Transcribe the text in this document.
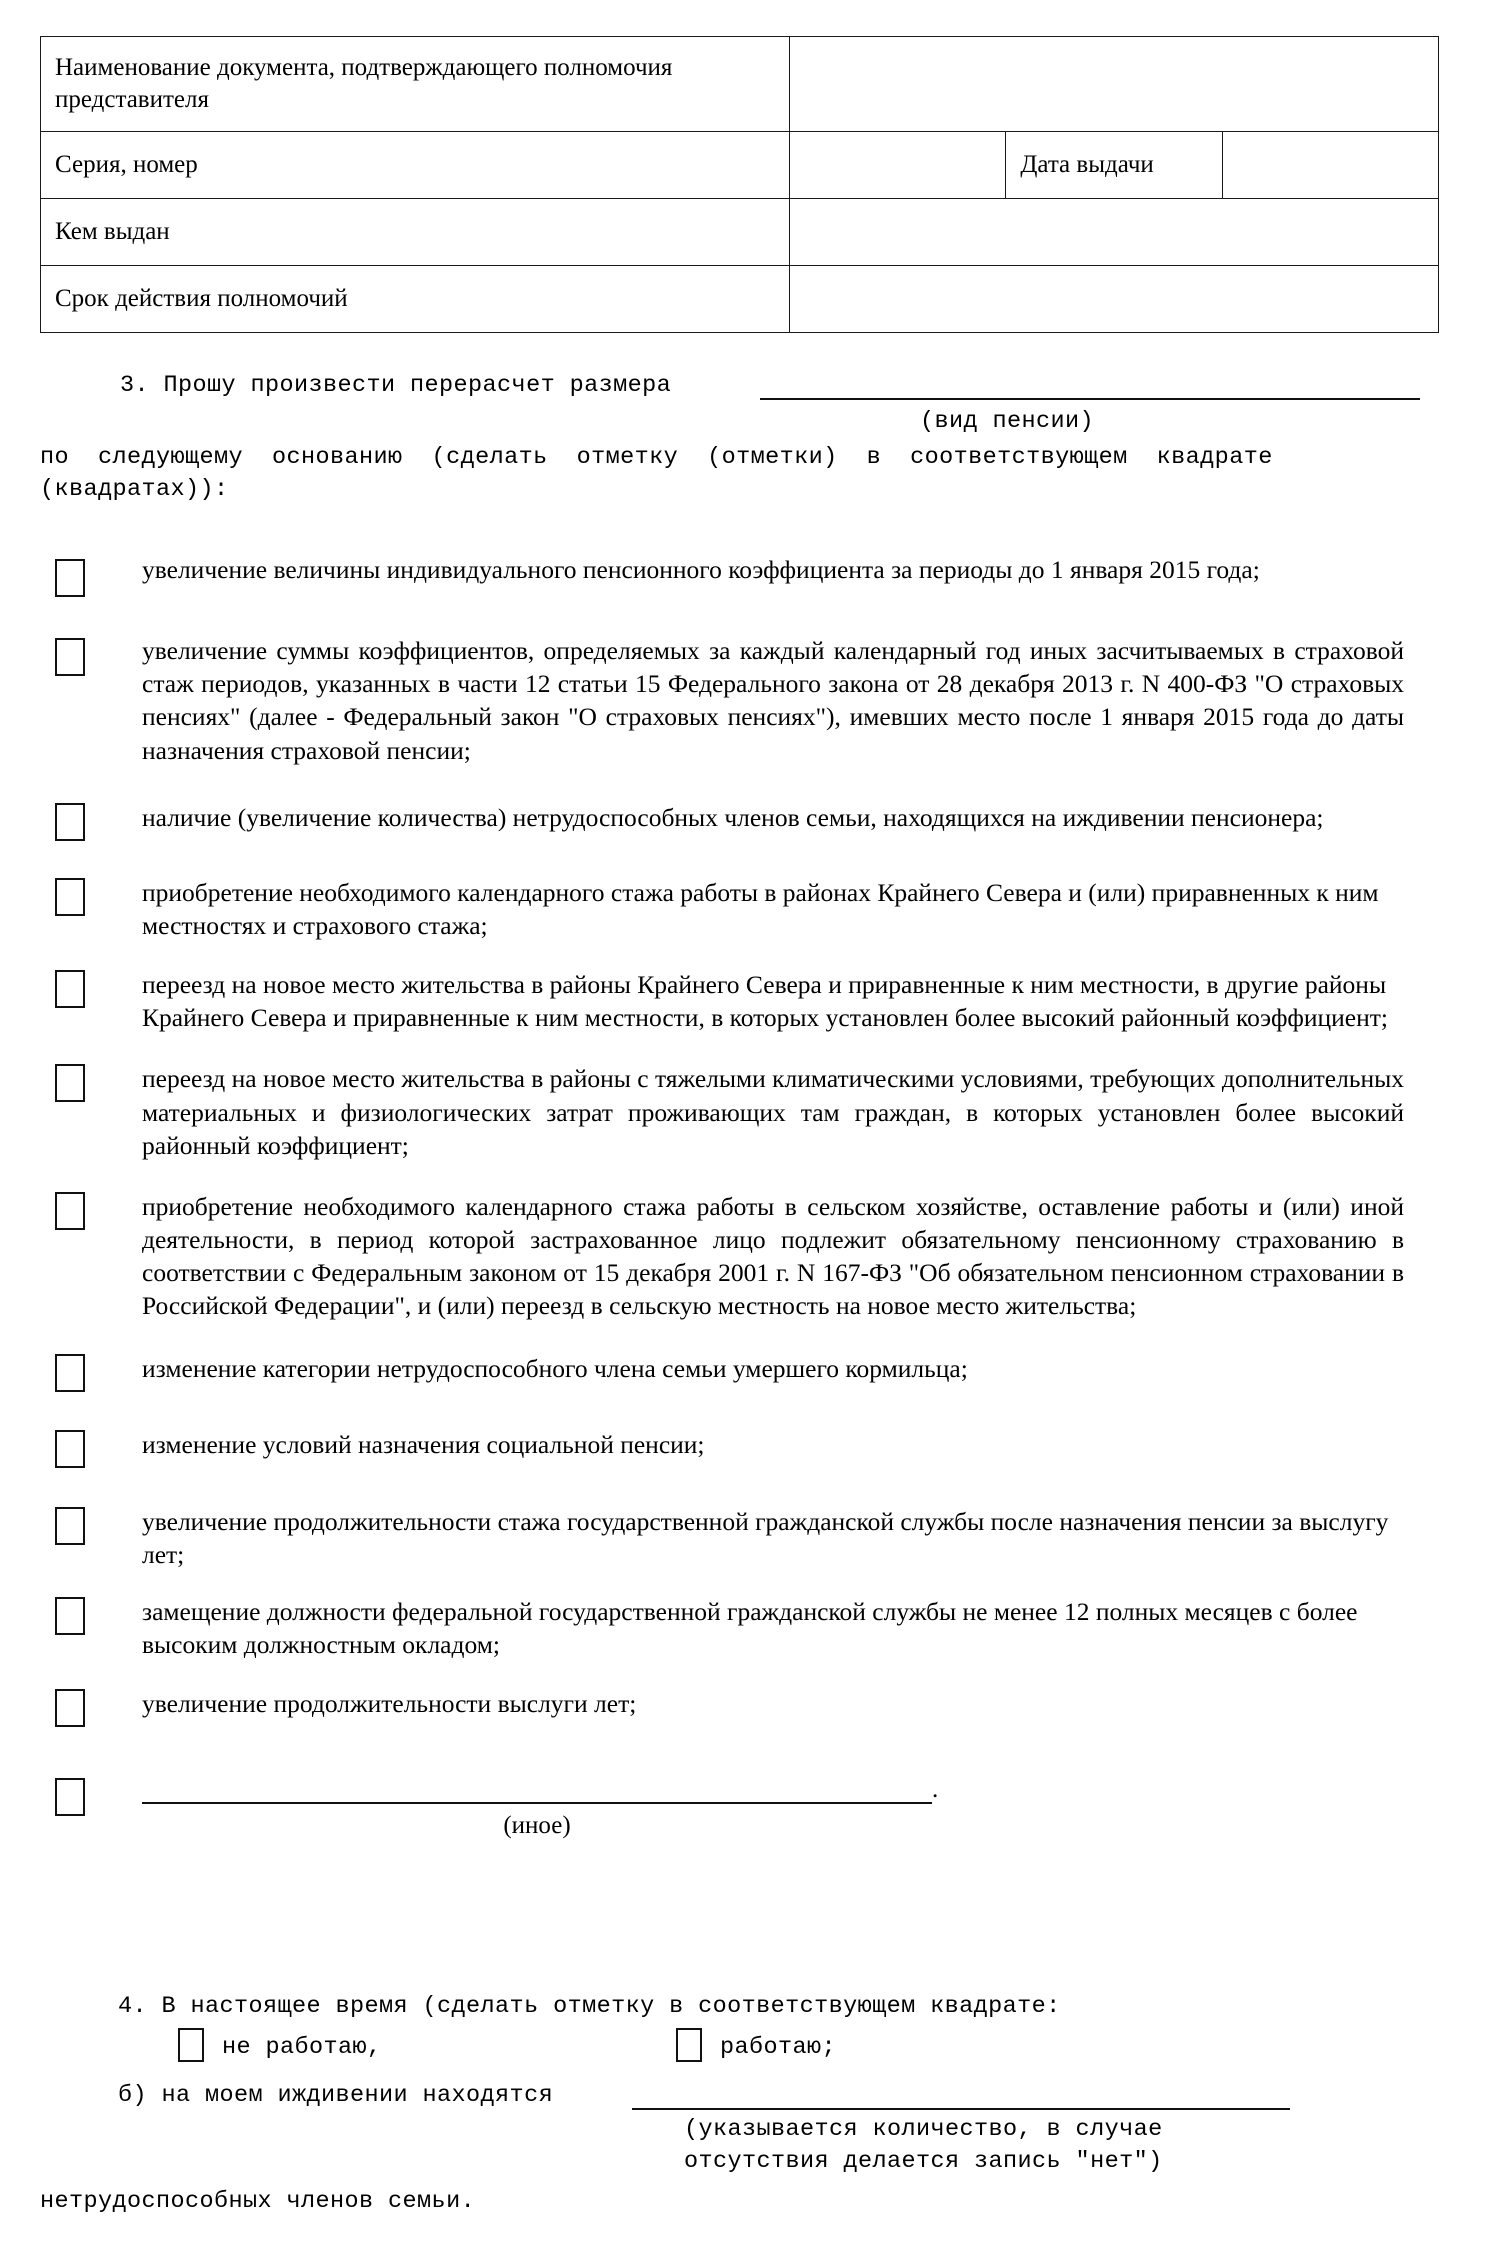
Наименование документа, подтверждающего полномочия представителя			
Серия, номер		Дата выдачи	
Кем выдан			
Срок действия полномочий			
3. Прошу произвести перерасчет размера
(вид пенсии)
по  следующему  основанию  (сделать  отметку  (отметки)  в  соответствующем  квадрате
(квадратах)):
увеличение величины индивидуального пенсионного коэффициента за периоды до 1 января 2015 года;
увеличение суммы коэффициентов, определяемых за каждый календарный год иных засчитываемых в страховой стаж периодов, указанных в части 12 статьи 15 Федерального закона от 28 декабря 2013 г. N 400-ФЗ "О страховых пенсиях" (далее - Федеральный закон "О страховых пенсиях"), имевших место после 1 января 2015 года до даты назначения страховой пенсии;
наличие (увеличение количества) нетрудоспособных членов семьи, находящихся на иждивении пенсионера;
приобретение необходимого календарного стажа работы в районах Крайнего Севера и (или) приравненных к ним местностях и страхового стажа;
переезд на новое место жительства в районы Крайнего Севера и приравненные к ним местности, в другие районы Крайнего Севера и приравненные к ним местности, в которых установлен более высокий районный коэффициент;
переезд на новое место жительства в районы с тяжелыми климатическими условиями, требующих дополнительных материальных и физиологических затрат проживающих там граждан, в которых установлен более высокий районный коэффициент;
приобретение необходимого календарного стажа работы в сельском хозяйстве, оставление работы и (или) иной деятельности, в период которой застрахованное лицо подлежит обязательному пенсионному страхованию в соответствии с Федеральным законом от 15 декабря 2001 г. N 167-ФЗ "Об обязательном пенсионном страховании в Российской Федерации", и (или) переезд в сельскую местность на новое место жительства;
изменение категории нетрудоспособного члена семьи умершего кормильца;
изменение условий назначения социальной пенсии;
увеличение продолжительности стажа государственной гражданской службы после назначения пенсии за выслугу лет;
замещение должности федеральной государственной гражданской службы не менее 12 полных месяцев с более высоким должностным окладом;
увеличение продолжительности выслуги лет;
.
(иное)
4. В настоящее время (сделать отметку в соответствующем квадрате:
не работаю,	работаю;
б) на моем иждивении находятся
(указывается количество, в случае
отсутствия делается запись "нет")
нетрудоспособных членов семьи.
